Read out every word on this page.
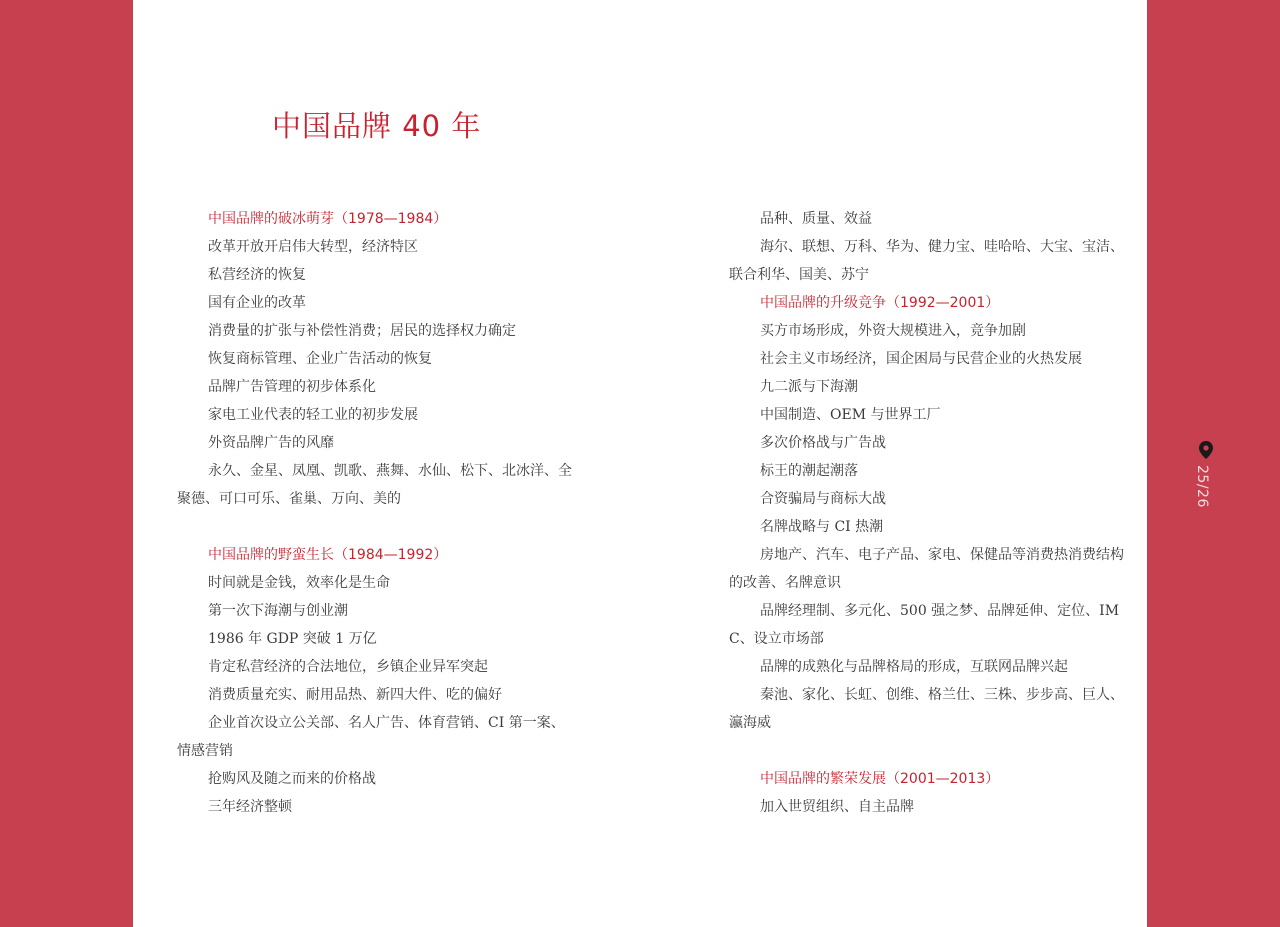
中国品牌 40 年

中国品牌的破冰萌芽（1978—1984）

改革开放开启伟大转型，经济特区

私营经济的恢复

国有企业的改革

消费量的扩张与补偿性消费；居民的选择权力确定

恢复商标管理、企业广告活动的恢复

品牌广告管理的初步体系化

家电工业代表的轻工业的初步发展

外资品牌广告的风靡

永久、金星、凤凰、凯歌、燕舞、水仙、松下、北冰洋、全聚德、可口可乐、雀巢、万向、美的

中国品牌的野蛮生长（1984—1992）

时间就是金钱，效率化是生命

第一次下海潮与创业潮

1986 年 GDP 突破 1 万亿

肯定私营经济的合法地位，乡镇企业异军突起

消费质量充实、耐用品热、新四大件、吃的偏好

企业首次设立公关部、名人广告、体育营销、CI 第一案、情感营销

抢购风及随之而来的价格战

三年经济整顿

品种、质量、效益

海尔、联想、万科、华为、健力宝、哇哈哈、大宝、宝洁、联合利华、国美、苏宁

中国品牌的升级竞争（1992—2001）

买方市场形成，外资大规模进入，竞争加剧

社会主义市场经济，国企困局与民营企业的火热发展

九二派与下海潮

中国制造、OEM 与世界工厂

多次价格战与广告战

标王的潮起潮落

合资骗局与商标大战

名牌战略与 CI 热潮

房地产、汽车、电子产品、家电、保健品等消费热消费结构的改善、名牌意识

品牌经理制、多元化、500 强之梦、品牌延伸、定位、IMC、设立市场部

品牌的成熟化与品牌格局的形成，互联网品牌兴起

秦池、家化、长虹、创维、格兰仕、三株、步步高、巨人、瀛海威

中国品牌的繁荣发展（2001—2013）

加入世贸组织、自主品牌

25/26
